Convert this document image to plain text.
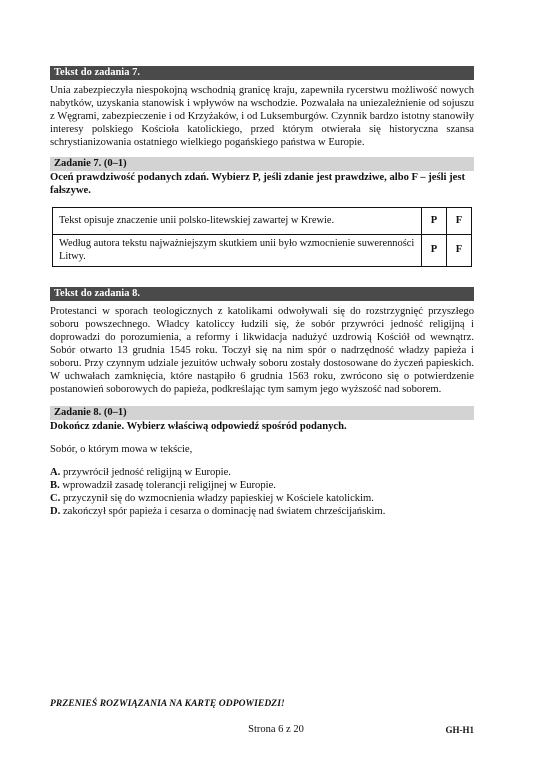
Tekst do zadania 7.

Unia zabezpieczyła niespokojną wschodnią granicę kraju, zapewniła rycerstwu możliwość nowych nabytków, uzyskania stanowisk i wpływów na wschodzie. Pozwalała na uniezależnienie od sojuszu z Węgrami, zabezpieczenie i od Krzyżaków, i od Luksemburgów. Czynnik bardzo istotny stanowiły interesy polskiego Kościoła katolickiego, przed którym otwierała się historyczna szansa schrystianizowania ostatniego wielkiego pogańskiego państwa w Europie.

Zadanie 7. (0–1)

Oceń prawdziwość podanych zdań. Wybierz P, jeśli zdanie jest prawdziwe, albo F – jeśli jest fałszywe.

Tekst opisuje znaczenie unii polsko-litewskiej zawartej w Krewie.	P	F
Według autora tekstu najważniejszym skutkiem unii było wzmocnienie suwerenności Litwy.	P	F
Tekst do zadania 8.

Protestanci w sporach teologicznych z katolikami odwoływali się do rozstrzygnięć przyszłego soboru powszechnego. Władcy katoliccy łudzili się, że sobór przywróci jedność religijną i doprowadzi do porozumienia, a reformy i likwidacja nadużyć uzdrowią Kościół od wewnątrz. Sobór otwarto 13 grudnia 1545 roku. Toczył się na nim spór o nadrzędność władzy papieża i soboru. Przy czynnym udziale jezuitów uchwały soboru zostały dostosowane do życzeń papieskich. W uchwałach zamknięcia, które nastąpiło 6 grudnia 1563 roku, zwrócono się o potwierdzenie postanowień soborowych do papieża, podkreślając tym samym jego wyższość nad soborem.

Zadanie 8. (0–1)

Dokończ zdanie. Wybierz właściwą odpowiedź spośród podanych.

Sobór, o którym mowa w tekście,

A. przywrócił jedność religijną w Europie.

B. wprowadził zasadę tolerancji religijnej w Europie.

C. przyczynił się do wzmocnienia władzy papieskiej w Kościele katolickim.

D. zakończył spór papieża i cesarza o dominację nad światem chrześcijańskim.

PRZENIEŚ ROZWIĄZANIA NA KARTĘ ODPOWIEDZI!
Strona 6 z 20	GH-H1
